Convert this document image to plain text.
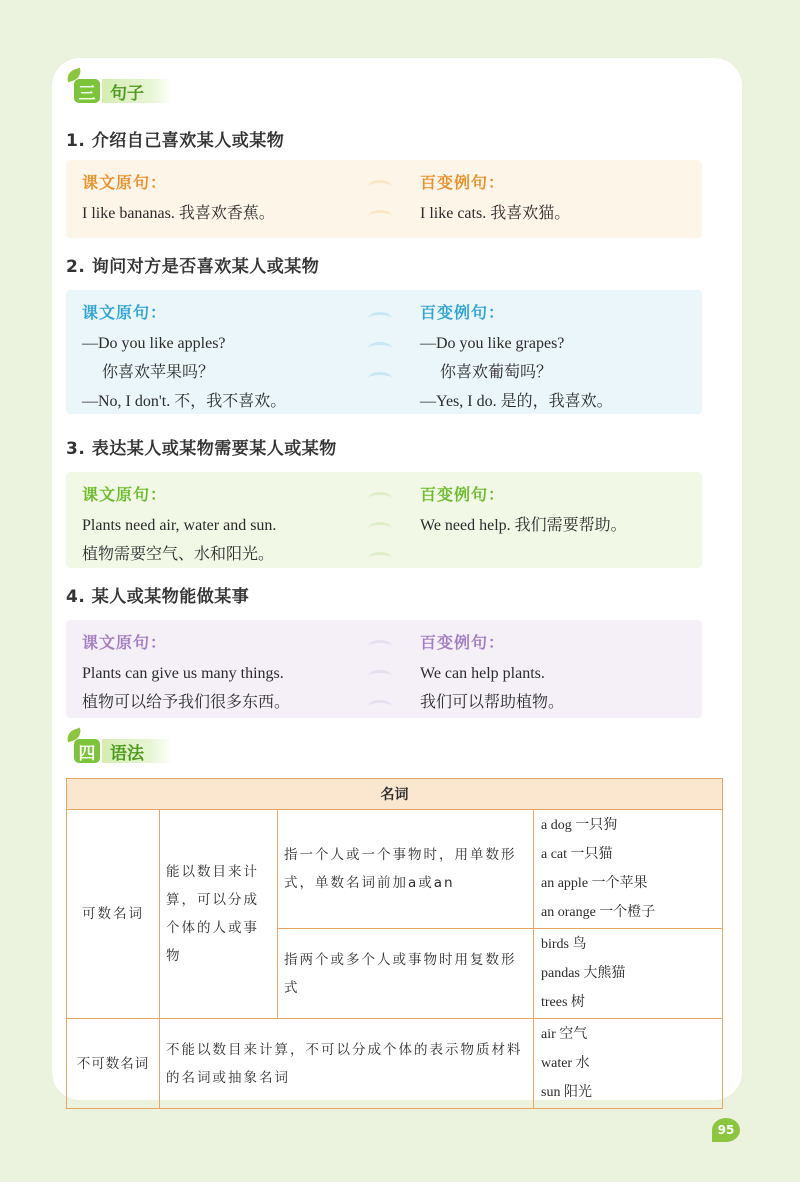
三 句子
1. 介绍自己喜欢某人或某物
课文原句：
I like bananas. 我喜欢香蕉。
百变例句：
I like cats. 我喜欢猫。
2. 询问对方是否喜欢某人或某物
课文原句：
—Do you like apples?
你喜欢苹果吗？
—No, I don't. 不，我不喜欢。
百变例句：
—Do you like grapes?
你喜欢葡萄吗？
—Yes, I do. 是的，我喜欢。
3. 表达某人或某物需要某人或某物
课文原句：
Plants need air, water and sun.
植物需要空气、水和阳光。
百变例句：
We need help. 我们需要帮助。
4. 某人或某物能做某事
课文原句：
Plants can give us many things.
植物可以给予我们很多东西。
百变例句：
We can help plants.
我们可以帮助植物。
四 语法
名词			
可数名词	能以数目来计算，可以分成个体的人或事物	指一个人或一个事物时，用单数形式，单数名词前加a或an	a dog 一只狗
a cat 一只猫
an apple 一个苹果
an orange 一个橙子

		指两个或多个人或事物时用复数形式	birds 鸟
pandas 大熊猫
trees 树

不可数名词	不能以数目来计算，不可以分成个体的表示物质材料的名词或抽象名词		air 空气
water 水
sun 阳光
95
